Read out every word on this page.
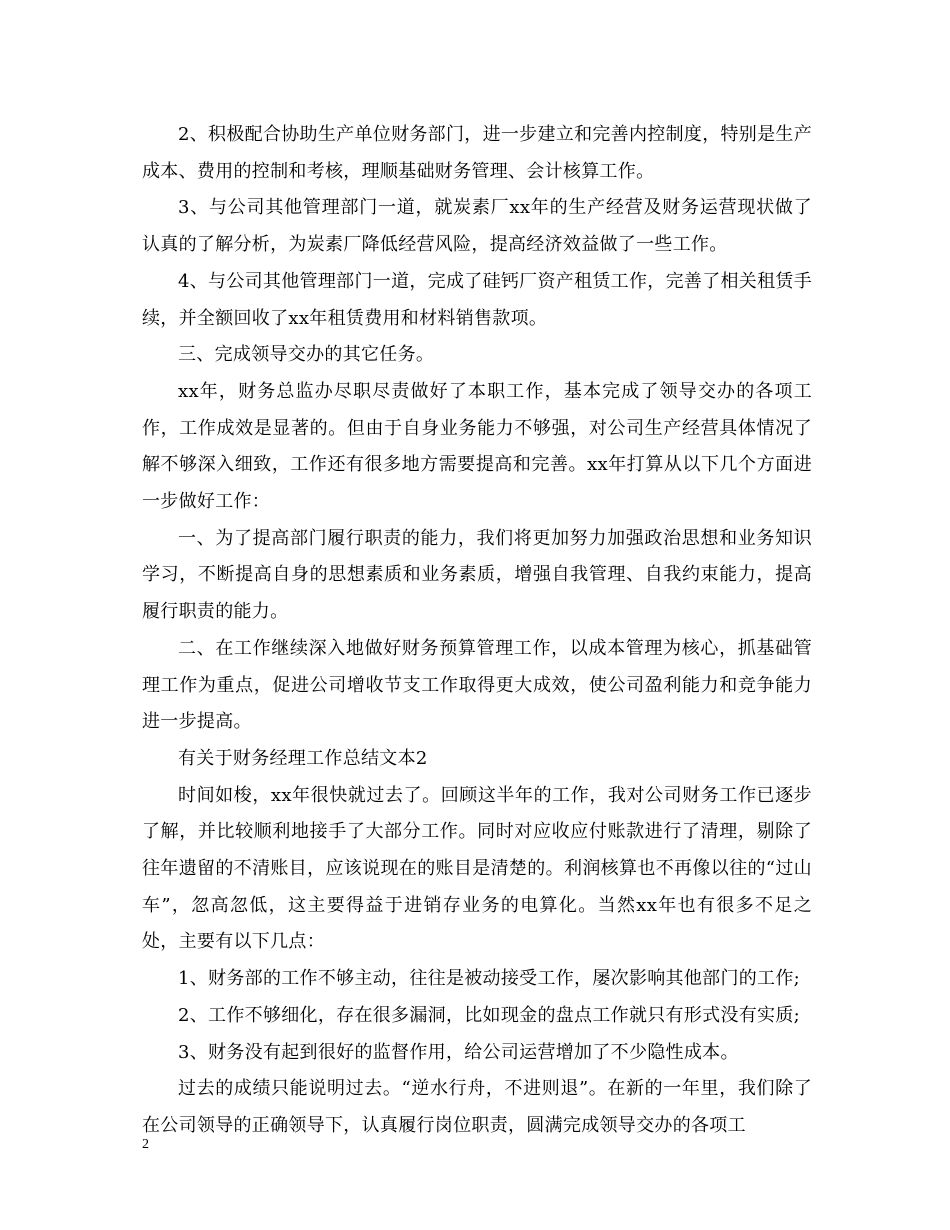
2、积极配合协助生产单位财务部门，进一步建立和完善内控制度，特别是生产成本、费用的控制和考核，理顺基础财务管理、会计核算工作。

3、与公司其他管理部门一道，就炭素厂xx年的生产经营及财务运营现状做了认真的了解分析，为炭素厂降低经营风险，提高经济效益做了一些工作。

4、与公司其他管理部门一道，完成了硅钙厂资产租赁工作，完善了相关租赁手续，并全额回收了xx年租赁费用和材料销售款项。

三、完成领导交办的其它任务。

xx年，财务总监办尽职尽责做好了本职工作，基本完成了领导交办的各项工作，工作成效是显著的。但由于自身业务能力不够强，对公司生产经营具体情况了解不够深入细致，工作还有很多地方需要提高和完善。xx年打算从以下几个方面进一步做好工作：

一、为了提高部门履行职责的能力，我们将更加努力加强政治思想和业务知识学习，不断提高自身的思想素质和业务素质，增强自我管理、自我约束能力，提高履行职责的能力。

二、在工作继续深入地做好财务预算管理工作，以成本管理为核心，抓基础管理工作为重点，促进公司增收节支工作取得更大成效，使公司盈利能力和竞争能力进一步提高。

有关于财务经理工作总结文本2

时间如梭，xx年很快就过去了。回顾这半年的工作，我对公司财务工作已逐步了解，并比较顺利地接手了大部分工作。同时对应收应付账款进行了清理，剔除了往年遗留的不清账目，应该说现在的账目是清楚的。利润核算也不再像以往的“过山车”，忽高忽低，这主要得益于进销存业务的电算化。当然xx年也有很多不足之处，主要有以下几点：

1、财务部的工作不够主动，往往是被动接受工作，屡次影响其他部门的工作;

2、工作不够细化，存在很多漏洞，比如现金的盘点工作就只有形式没有实质;

3、财务没有起到很好的监督作用，给公司运营增加了不少隐性成本。

过去的成绩只能说明过去。“逆水行舟，不进则退”。在新的一年里，我们除了在公司领导的正确领导下，认真履行岗位职责，圆满完成领导交办的各项工

2
